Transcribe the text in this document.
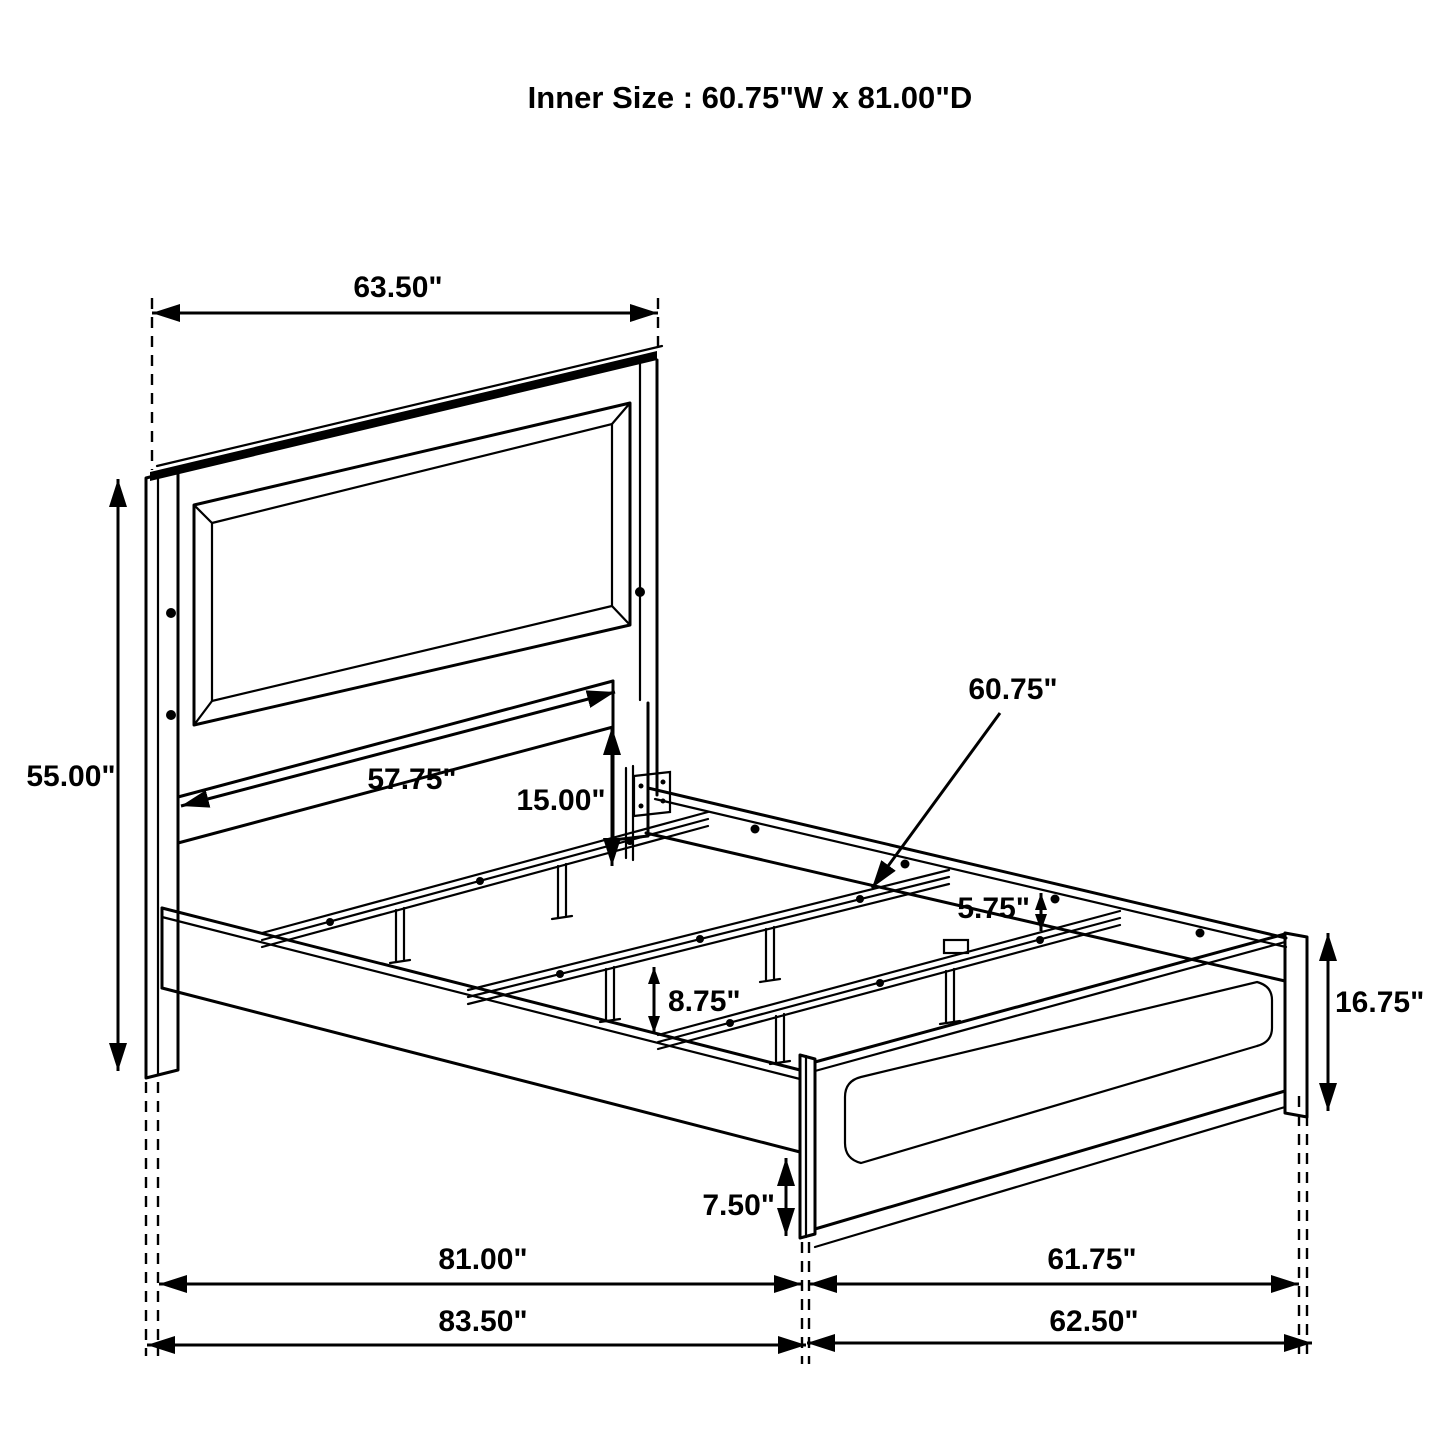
Inner Size : 60.75"W x 81.00"D
63.50"
55.00"	57.75"
15.00"
60.75"
5.75"
8.75"	16.75"
7.50"
81.00"
83.50"
61.75"
62.50"
